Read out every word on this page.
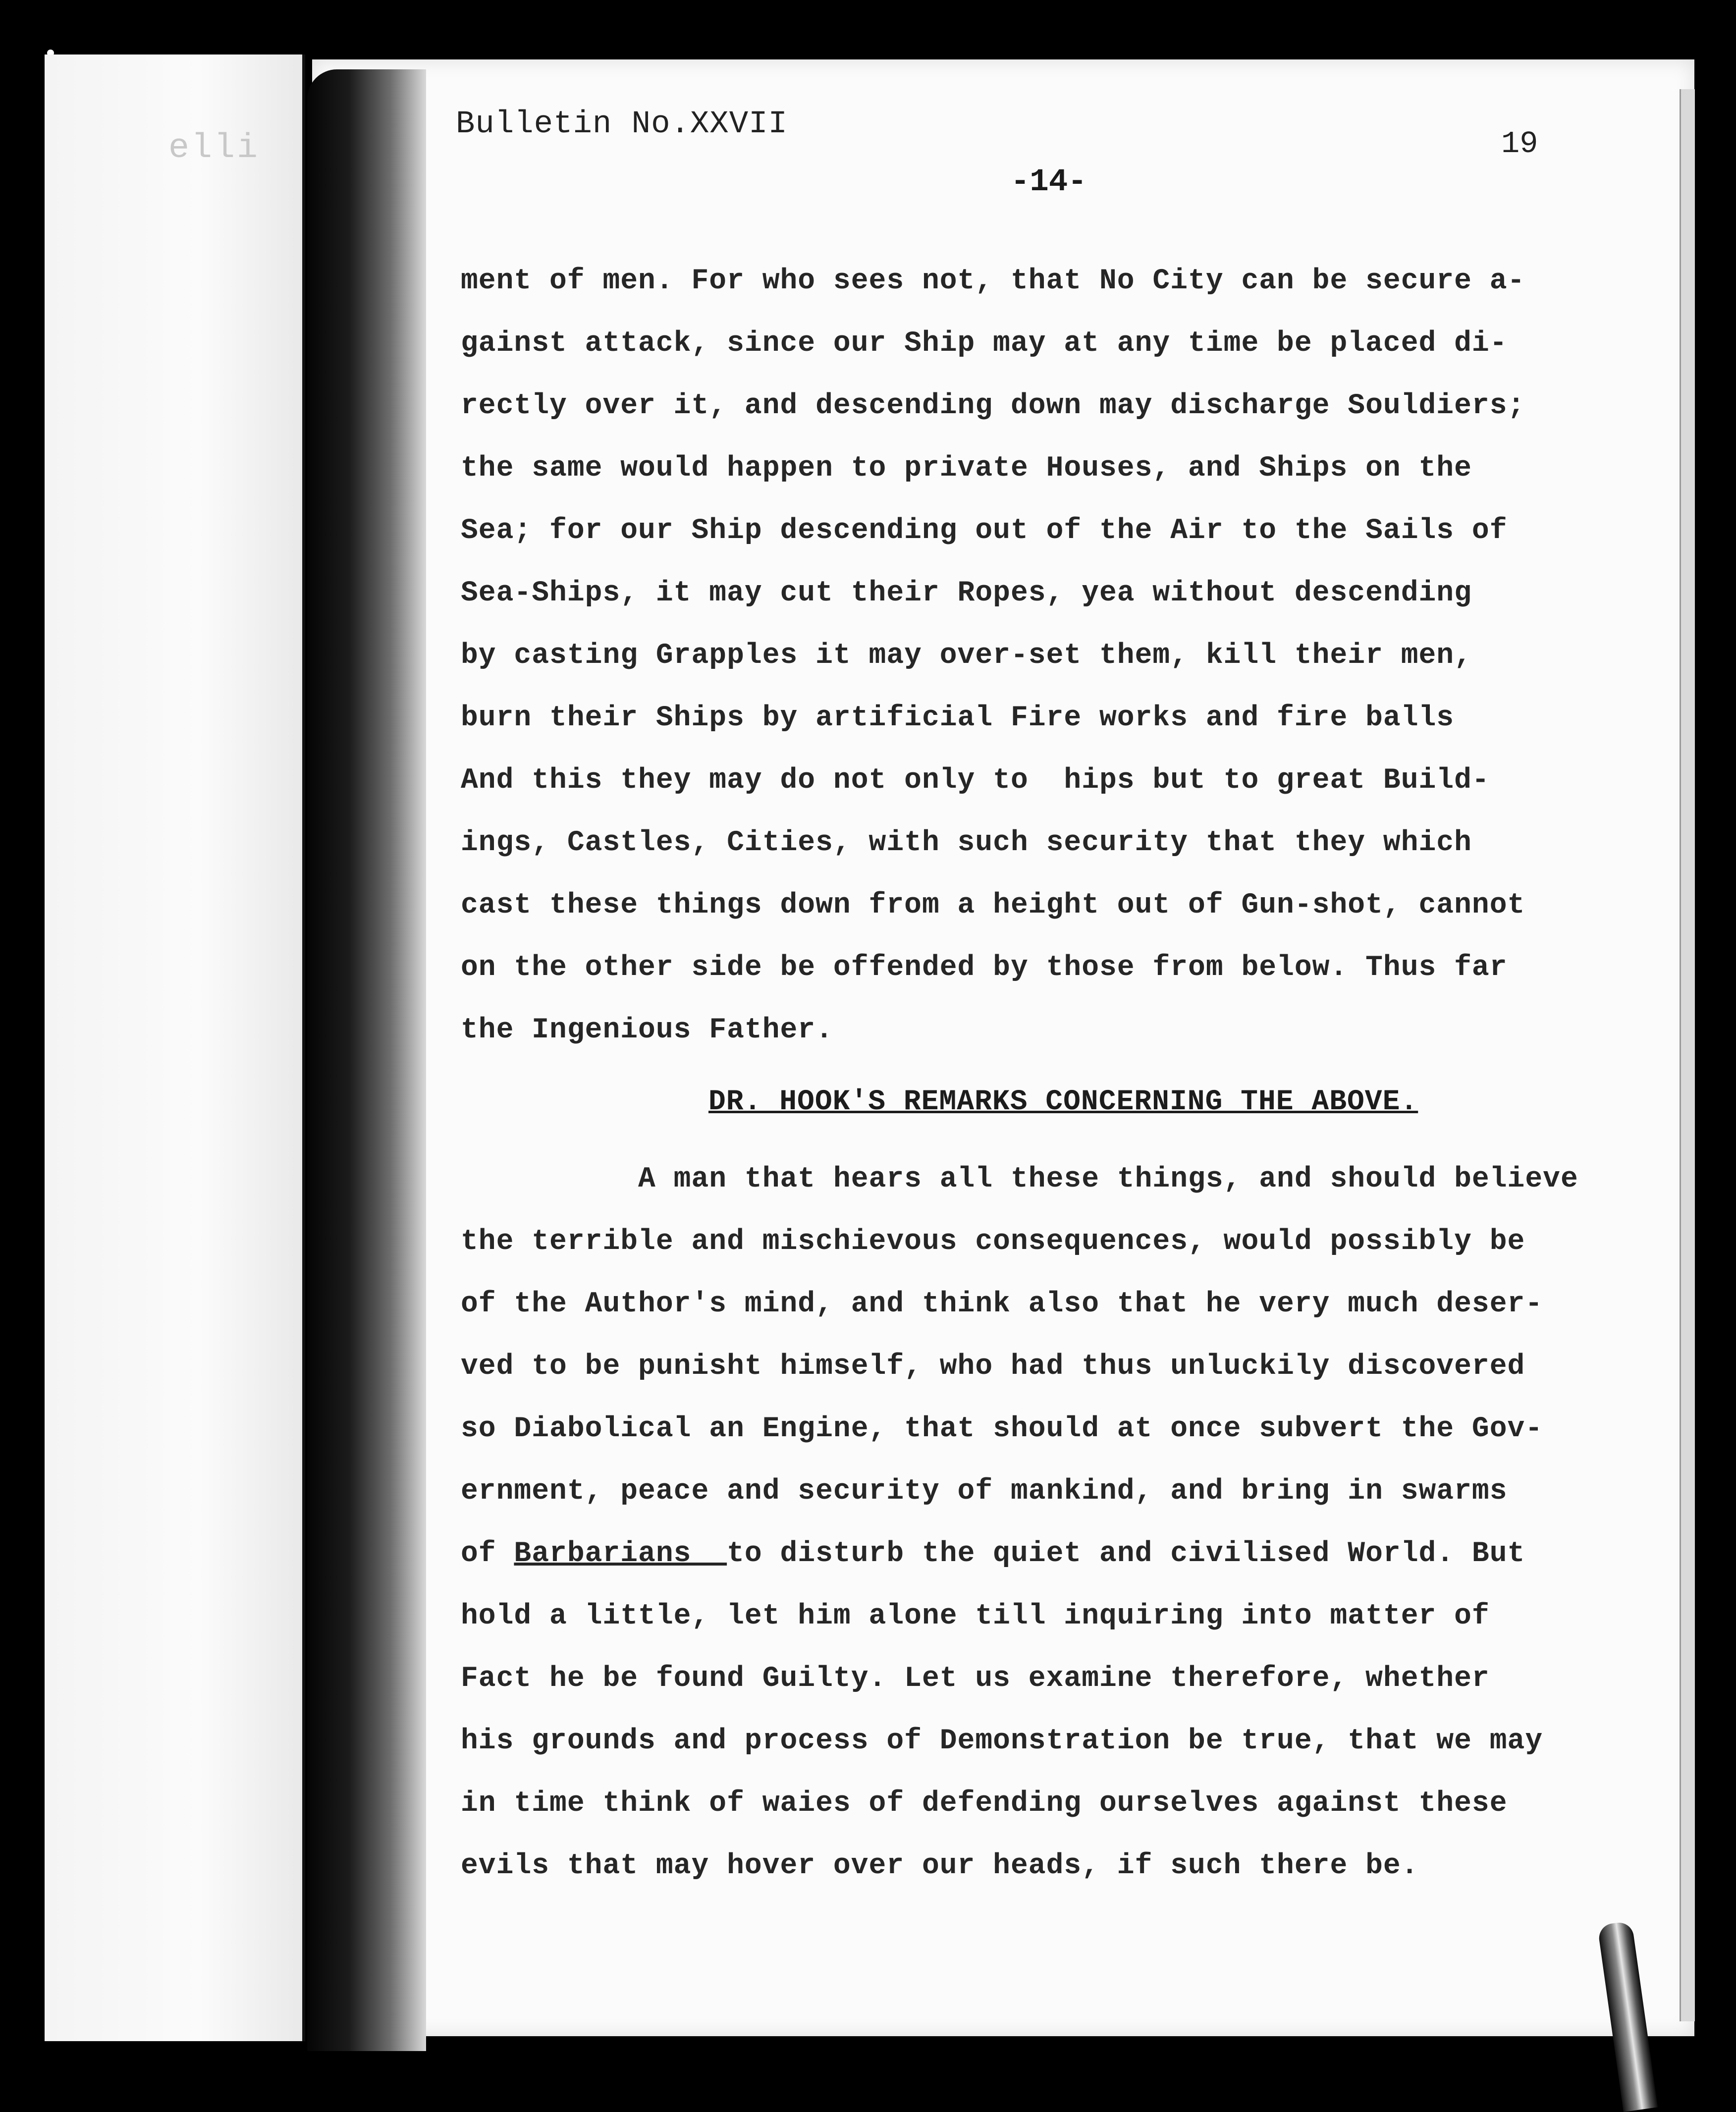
elli
Bulletin No.XXVII
19
-14-
ment of men. For who sees not, that No City can be secure a-
gainst attack, since our Ship may at any time be placed di-
rectly over it, and descending down may discharge Souldiers;
the same would happen to private Houses, and Ships on the
Sea; for our Ship descending out of the Air to the Sails of
Sea-Ships, it may cut their Ropes, yea without descending
by casting Grapples it may over-set them, kill their men,
burn their Ships by artificial Fire works and fire balls
And this they may do not only to  hips but to great Build-
ings, Castles, Cities, with such security that they which
cast these things down from a height out of Gun-shot, cannot
on the other side be offended by those from below. Thus far
the Ingenious Father.
DR. HOOK'S REMARKS CONCERNING THE ABOVE.
A man that hears all these things, and should believe
the terrible and mischievous consequences, would possibly be
of the Author's mind, and think also that he very much deser-
ved to be punisht himself, who had thus unluckily discovered
so Diabolical an Engine, that should at once subvert the Gov-
ernment, peace and security of mankind, and bring in swarms
of Barbarians  to disturb the quiet and civilised World. But
hold a little, let him alone till inquiring into matter of
Fact he be found Guilty. Let us examine therefore, whether
his grounds and process of Demonstration be true, that we may
in time think of waies of defending ourselves against these
evils that may hover over our heads, if such there be.
